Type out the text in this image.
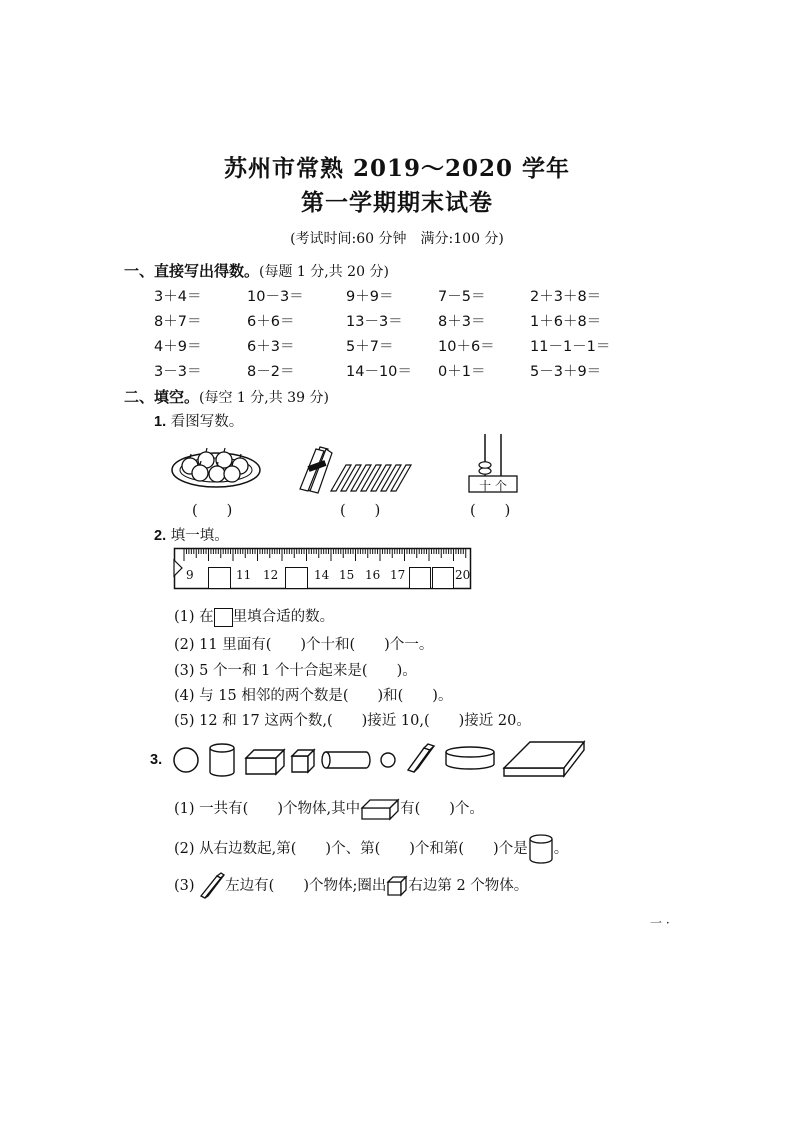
苏州市常熟 2019～2020 学年
第一学期期末试卷
(考试时间:60 分钟　满分:100 分)
一、直接写出得数。(每题 1 分,共 20 分)
3＋4＝	10－3＝	9＋9＝	7－5＝	2＋3＋8＝
8＋7＝	6＋6＝	13－3＝ 8＋3＝	1＋6＋8＝
4＋9＝	6＋3＝	5＋7＝	10＋6＝ 11－1－1＝
3－3＝	8－2＝	14－10＝ 0＋1＝	5－3＋9＝
二、填空。(每空 1 分,共 39 分)
1. 看图写数。
十 个
(　　)	(　　)	(　　)
2. 填一填。
9	11 12	14 15 16 17	20
(1) 在 里填合适的数。
(2) 11 里面有(　　)个十和(　　)个一。
(3) 5 个一和 1 个十合起来是(　　)。
(4) 与 15 相邻的两个数是(　　)和(　　)。
(5) 12 和 17 这两个数,(　　)接近 10,(　　)接近 20。
3.
(1) 一共有(　　)个物体,其中	有(　　)个。
(2) 从右边数起,第(　　)个、第(　　)个和第(　　)个是 。
(3) 左边有(　　)个物体;圈出 右边第 2 个物体。
一 ·
